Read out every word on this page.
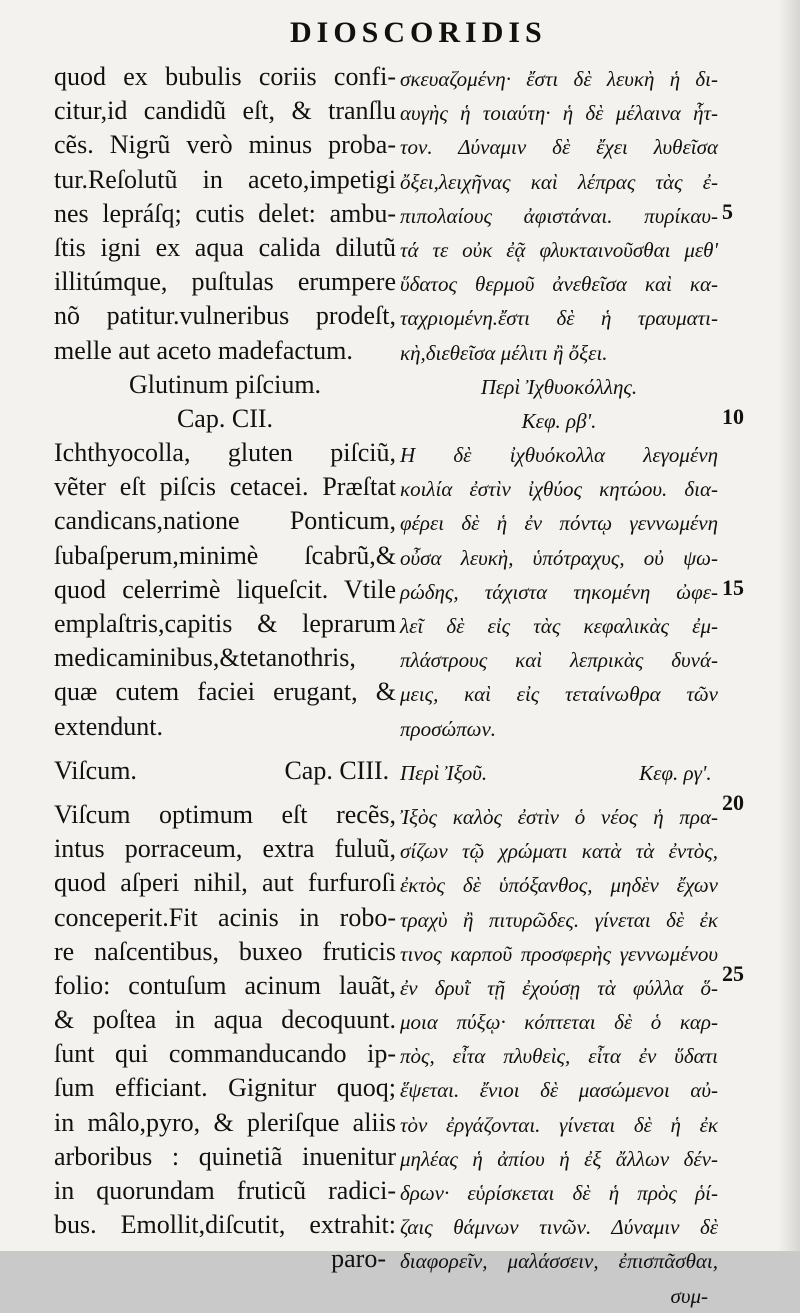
DIOSCORIDIS
quod ex bubulis coriis confi-
citur,id candidũ eſt, & tranſlu
cẽs. Nigrũ verò minus proba-
tur.Reſolutũ in aceto,impetigi
nes lepráſq; cutis delet: ambu-
ſtis igni ex aqua calida dilutũ
illitúmque, puſtulas erumpere
nõ patitur.vulneribus prodeſt,
melle aut aceto madefactum.
Glutinum piſcium.
Cap. CII.
Ichthyocolla, gluten piſciũ,
vẽter eſt piſcis cetacei. Præſtat
candicans,natione Ponticum,
ſubaſperum,minimè ſcabrũ,&
quod celerrimè liqueſcit. Vtile
emplaſtris,capitis & leprarum
medicaminibus,&tetanothris,
quæ cutem faciei erugant, &
extendunt.
Viſcum.	Cap. CIII.
Viſcum optimum eſt recẽs,
intus porraceum, extra fuluũ,
quod aſperi nihil, aut furfuroſi
conceperit.Fit acinis in robo-
re naſcentibus, buxeo fruticis
folio: contuſum acinum lauãt,
& poſtea in aqua decoquunt.
ſunt qui commanducando ip-
ſum efficiant. Gignitur quoq;
in mâlo,pyro, & pleriſque aliis
arboribus : quinetiã inuenitur
in quorundam fruticũ radici-
bus. Emollit,diſcutit, extrahit:
paro-
σκευαζομένη· ἔστι δὲ λευκὴ ἡ δι-
αυγὴς ἡ τοιαύτη· ἡ δὲ μέλαινα ἧτ-
τον. Δύναμιν δὲ ἔχει λυθεῖσα
ὄξει,λειχῆνας καὶ λέπρας τὰς ἐ-
πιπολαίους ἀφιστάναι. πυρίκαυ-
τά τε οὐκ ἐᾷ φλυκταινοῦσθαι μεθ'
ὕδατος θερμοῦ ἀνεθεῖσα καὶ κα-
ταχριομένη.ἔστι δὲ ἡ τραυματι-
κὴ,διεθεῖσα μέλιτι ἢ ὄξει.
Περὶ Ἰχθυοκόλλης.
Κεφ. ρβʹ.
Η δὲ ἰχθυόκολλα λεγομένη
κοιλία ἐστὶν ἰχθύος κητώου. δια-
φέρει δὲ ἡ ἐν πόντῳ γεννωμένη
οὖσα λευκὴ, ὑπότραχυς, οὐ ψω-
ρώδης, τάχιστα τηκομένη ὠφε-
λεῖ δὲ εἰς τὰς κεφαλικὰς ἐμ-
πλάστρους καὶ λεπρικὰς δυνά-
μεις, καὶ εἰς τεταίνωθρα τῶν
προσώπων.
Περὶ Ἰξοῦ.	Κεφ. ργʹ.
Ἰξὸς καλὸς ἐστὶν ὁ νέος ἡ πρα-
σίζων τῷ χρώματι κατὰ τὰ ἐντὸς,
ἐκτὸς δὲ ὑπόξανθος, μηδὲν ἔχων
τραχὺ ἢ πιτυρῶδες. γίνεται δὲ ἐκ
τινος καρποῦ προσφερὴς γεννωμένου
ἐν δρυῒ τῇ ἐχούσῃ τὰ φύλλα ὅ-
μοια πύξῳ· κόπτεται δὲ ὁ καρ-
πὸς, εἶτα πλυθεὶς, εἶτα ἐν ὕδατι
ἕψεται. ἔνιοι δὲ μασώμενοι αὐ-
τὸν ἐργάζονται. γίνεται δὲ ἡ ἐκ
μηλέας ἡ ἀπίου ἡ ἐξ ἄλλων δέν-
δρων· εὑρίσκεται δὲ ἡ πρὸς ῥί-
ζαις θάμνων τινῶν. Δύναμιν δὲ
διαφορεῖν, μαλάσσειν, ἐπισπᾶσθαι,
συμ-
5
10
15
20
25
